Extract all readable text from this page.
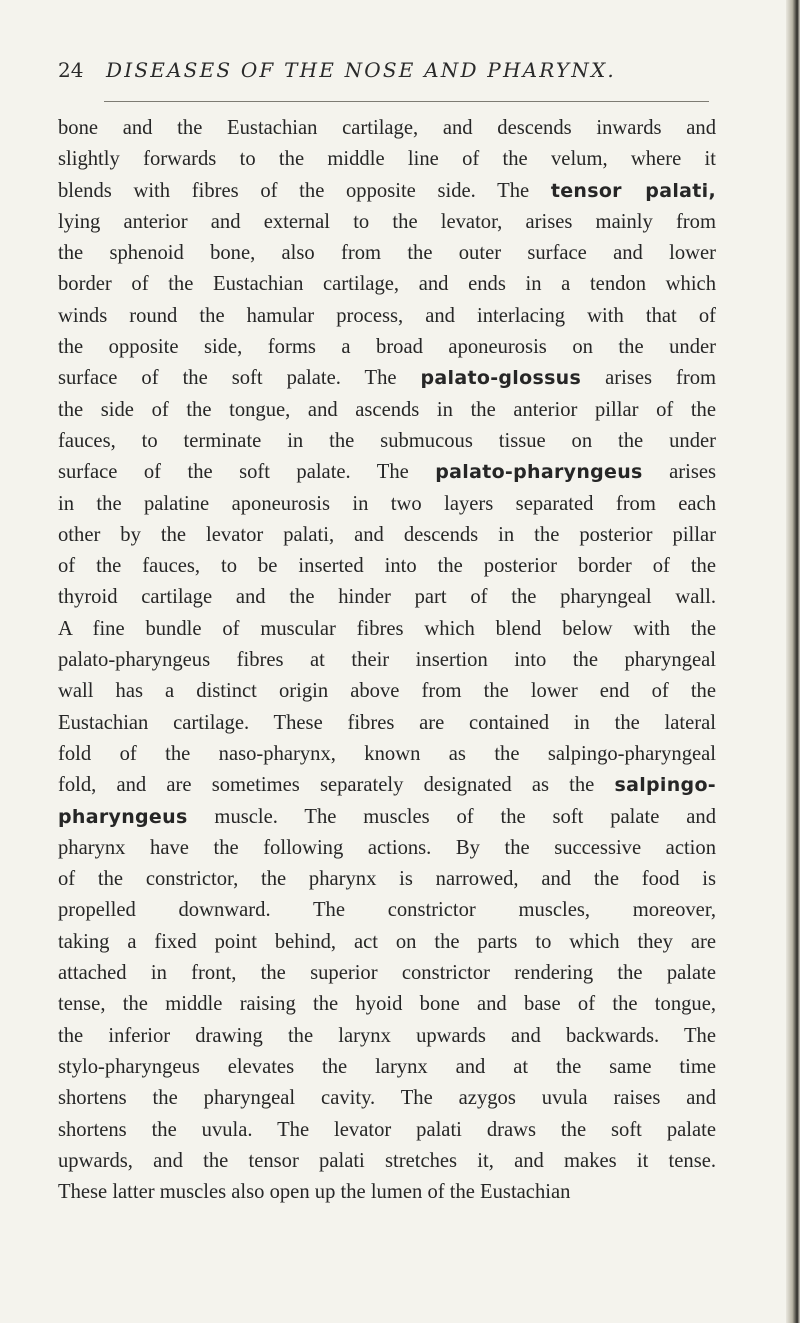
24 DISEASES OF THE NOSE AND PHARYNX.
bone and the Eustachian cartilage, and descends inwards and
slightly forwards to the middle line of the velum, where it
blends with fibres of the opposite side. The tensor palati,
lying anterior and external to the levator, arises mainly from
the sphenoid bone, also from the outer surface and lower
border of the Eustachian cartilage, and ends in a tendon which
winds round the hamular process, and interlacing with that of
the opposite side, forms a broad aponeurosis on the under
surface of the soft palate. The palato-glossus arises from
the side of the tongue, and ascends in the anterior pillar of the
fauces, to terminate in the submucous tissue on the under
surface of the soft palate. The palato-pharyngeus arises
in the palatine aponeurosis in two layers separated from each
other by the levator palati, and descends in the posterior pillar
of the fauces, to be inserted into the posterior border of the
thyroid cartilage and the hinder part of the pharyngeal wall.
A fine bundle of muscular fibres which blend below with the
palato-pharyngeus fibres at their insertion into the pharyngeal
wall has a distinct origin above from the lower end of the
Eustachian cartilage. These fibres are contained in the lateral
fold of the naso-pharynx, known as the salpingo-pharyngeal
fold, and are sometimes separately designated as the salpingo-
pharyngeus muscle. The muscles of the soft palate and
pharynx have the following actions. By the successive action
of the constrictor, the pharynx is narrowed, and the food is
propelled downward. The constrictor muscles, moreover,
taking a fixed point behind, act on the parts to which they are
attached in front, the superior constrictor rendering the palate
tense, the middle raising the hyoid bone and base of the tongue,
the inferior drawing the larynx upwards and backwards. The
stylo-pharyngeus elevates the larynx and at the same time
shortens the pharyngeal cavity. The azygos uvula raises and
shortens the uvula. The levator palati draws the soft palate
upwards, and the tensor palati stretches it, and makes it tense.
These latter muscles also open up the lumen of the Eustachian
